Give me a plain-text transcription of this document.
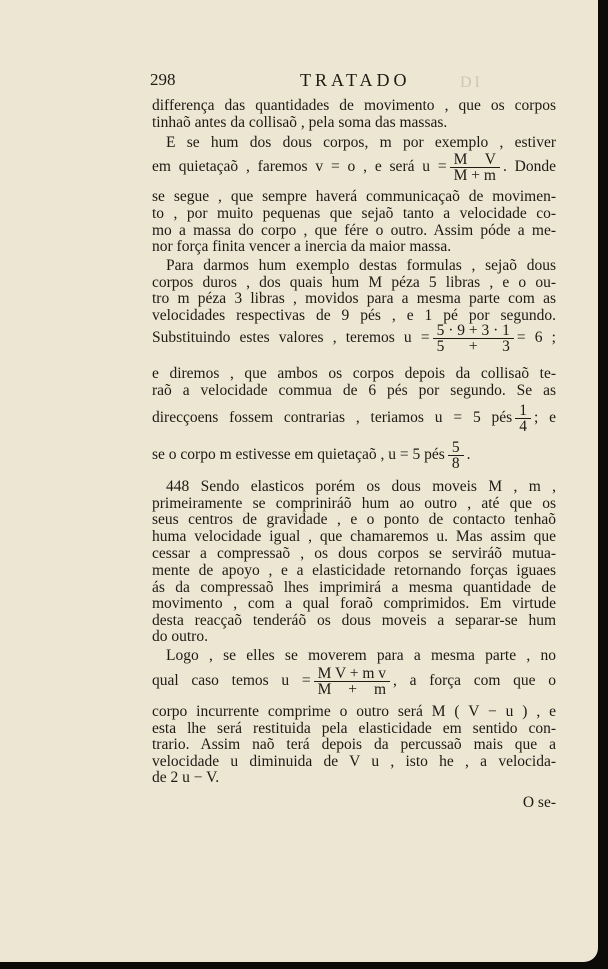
DI
298	TRATADO
differença das quantidades de movimento , que os corpos
tinhaõ antes da collisaõ , pela soma das massas.
E se hum dos dous corpos, m por exemplo , estiver
em quietaçaõ , faremos v = o , e será $u = \frac{\text{M V}}{M + m}$ . Donde
se segue , que sempre haverá communicaçaõ de movimen-
to , por muito pequenas que sejaõ tanto a velocidade co-
mo a massa do corpo , que fére o outro. Assim póde a me-
nor força finita vencer a inercia da maior massa.
Para darmos hum exemplo destas formulas , sejaõ dous
corpos duros , dos quais hum M péza 5 libras , e o ou-
tro m péza 3 libras , movidos para a mesma parte com as
velocidades respectivas de 9 pés , e 1 pé por segundo.
Substituindo estes valores , teremos $u = \frac{5 \cdot 9 + 3 \cdot 1}{5 + 3} = 6$ ;
e diremos , que ambos os corpos depois da collisaõ te-
raõ a velocidade commua de 6 pés por segundo. Se as
direcçoens fossem contrarias , teriamos u = 5 pés $\frac{1}{4}$ ; e
se o corpo m estivesse em quietaçaõ , u = 5 pés $\frac{5}{8}$ .
448 Sendo elasticos porém os dous moveis M , m ,
primeiramente se compriniráõ hum ao outro , até que os
seus centros de gravidade , e o ponto de contacto tenhaõ
huma velocidade igual , que chamaremos u. Mas assim que
cessar a compressaõ , os dous corpos se serviráõ mutua-
mente de apoyo , e a elasticidade retornando forças iguaes
ás da compressaõ lhes imprimirá a mesma quantidade de
movimento , com a qual foraõ comprimidos. Em virtude
desta reacçaõ tenderáõ os dous moveis a separar-se hum
do outro.
Logo , se elles se moverem para a mesma parte , no
qual caso temos $u = \frac{\text{M V + m v}}{M + m}$ , a força com que o
corpo incurrente comprime o outro será M ( V − u ) , e
esta lhe será restituida pela elasticidade em sentido con-
trario. Assim naõ terá depois da percussaõ mais que a
velocidade u diminuida de V u , isto he , a velocida-
de 2 u − V.
O se-
